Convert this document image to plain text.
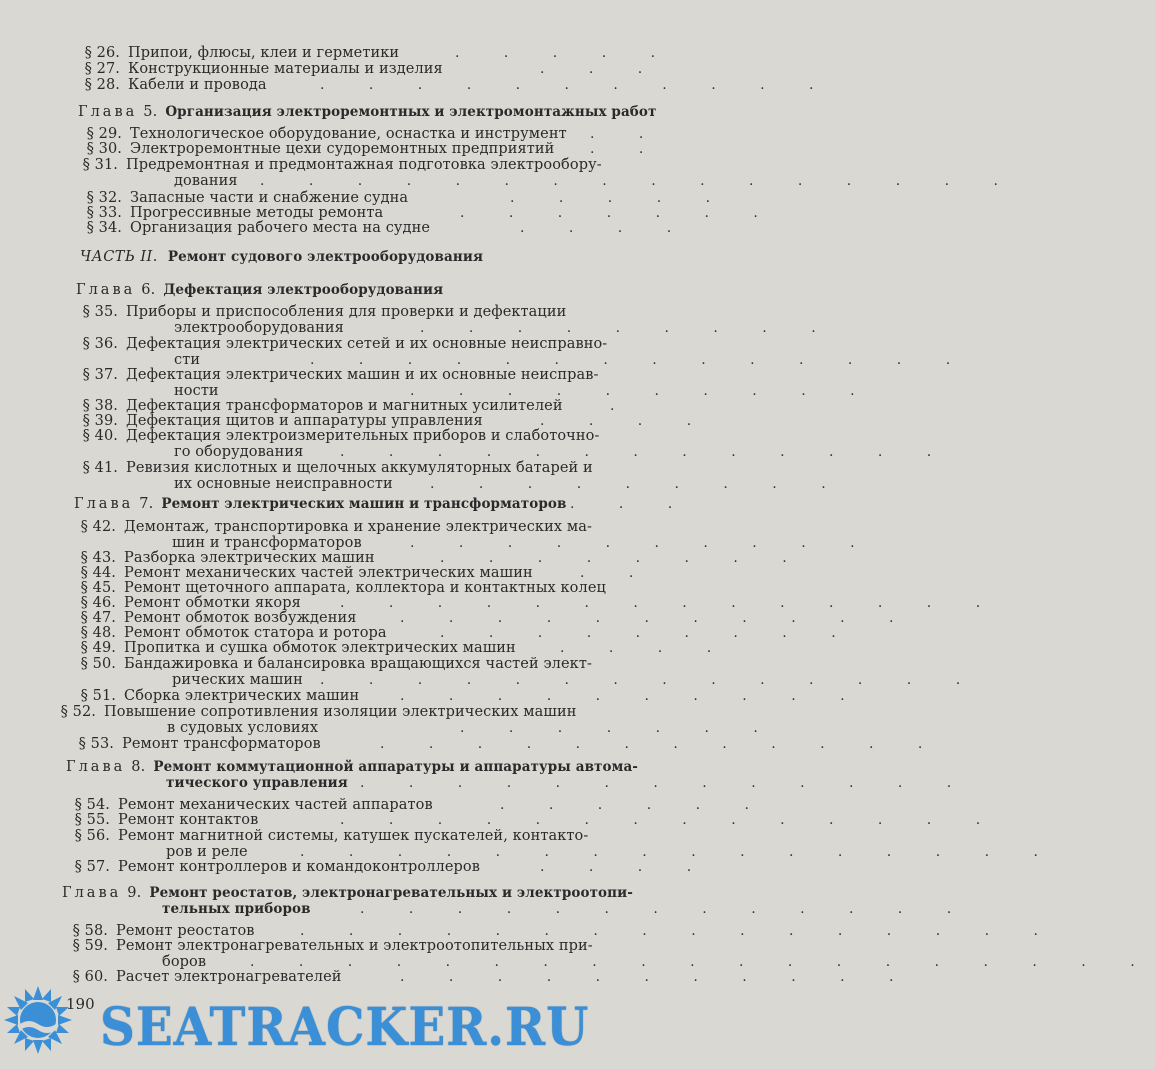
§ 26. Припои, флюсы, клеи и герметики
§ 27. Конструкционные материалы и изделия
§ 28. Кабели и провода
Глава 5. Организация электроремонтных и электромонтажных работ
§ 29. Технологическое оборудование, оснастка и инструмент
§ 30. Электроремонтные цехи судоремонтных предприятий
§ 31. Предремонтная и предмонтажная подготовка электрообору-
дования
§ 32. Запасные части и снабжение судна
§ 33. Прогрессивные методы ремонта
§ 34. Организация рабочего места на судне
ЧАСТЬ II. Ремонт судового электрооборудования
Глава 6. Дефектация электрооборудования
§ 35. Приборы и приспособления для проверки и дефектации
электрооборудования
§ 36. Дефектация электрических сетей и их основные неисправно-
сти
§ 37. Дефектация электрических машин и их основные неисправ-
ности
§ 38. Дефектация трансформаторов и магнитных усилителей
§ 39. Дефектация щитов и аппаратуры управления
§ 40. Дефектация электроизмерительных приборов и слаботочно-
го оборудования
§ 41. Ревизия кислотных и щелочных аккумуляторных батарей и
их основные неисправности
Глава 7. Ремонт электрических машин и трансформаторов
§ 42. Демонтаж, транспортировка и хранение электрических ма-
шин и трансформаторов
§ 43. Разборка электрических машин
§ 44. Ремонт механических частей электрических машин
§ 45. Ремонт щеточного аппарата, коллектора и контактных колец
§ 46. Ремонт обмотки якоря
§ 47. Ремонт обмоток возбуждения
§ 48. Ремонт обмоток статора и ротора
§ 49. Пропитка и сушка обмоток электрических машин
§ 50. Бандажировка и балансировка вращающихся частей элект-
рических машин
§ 51. Сборка электрических машин
§ 52. Повышение сопротивления изоляции электрических машин
в судовых условиях
§ 53. Ремонт трансформаторов
Глава 8. Ремонт коммутационной аппаратуры и аппаратуры автома-
тического управления
§ 54. Ремонт механических частей аппаратов
§ 55. Ремонт контактов
§ 56. Ремонт магнитной системы, катушек пускателей, контакто-
ров и реле
§ 57. Ремонт контроллеров и командоконтроллеров
Глава 9. Ремонт реостатов, электронагревательных и электроотопи-
тельных приборов
§ 58. Ремонт реостатов
§ 59. Ремонт электронагревательных и электроотопительных при-
боров
§ 60. Расчет электронагревателей
. . . . .
. . .
. . . . . . . . . . .
. .
. .
. . . . . . . . . . . . . . . .
. . . . .
. . . . . . .
. . . .
. . . . . . . . .
. . . . . . . . . . . . . .
. . . . . . . . . .
.
. . . .
. . . . . . . . . . . . .
. . . . . . . . .
. . .
. . . . . . . . . .
. . . . . . . .
. .
. . . . . . . . . . . . . .
. . . . . . . . . . .
. . . . . . . . .
. . . .
. . . . . . . . . . . . . .
. . . . . . . . . .
. . . . . . .
. . . . . . . . . . . .
. . . . . . . . . . . . .
. . . . . .
. . . . . . . . . . . . . .
. . . . . . . . . . . . . . . .
. . . .
. . . . . . . . . . . . .
. . . . . . . . . . . . . . . .
. . . . . . . . . . . . . . . . . . .
. . . . . . . . . . .
190 SEATRACKER.RU
